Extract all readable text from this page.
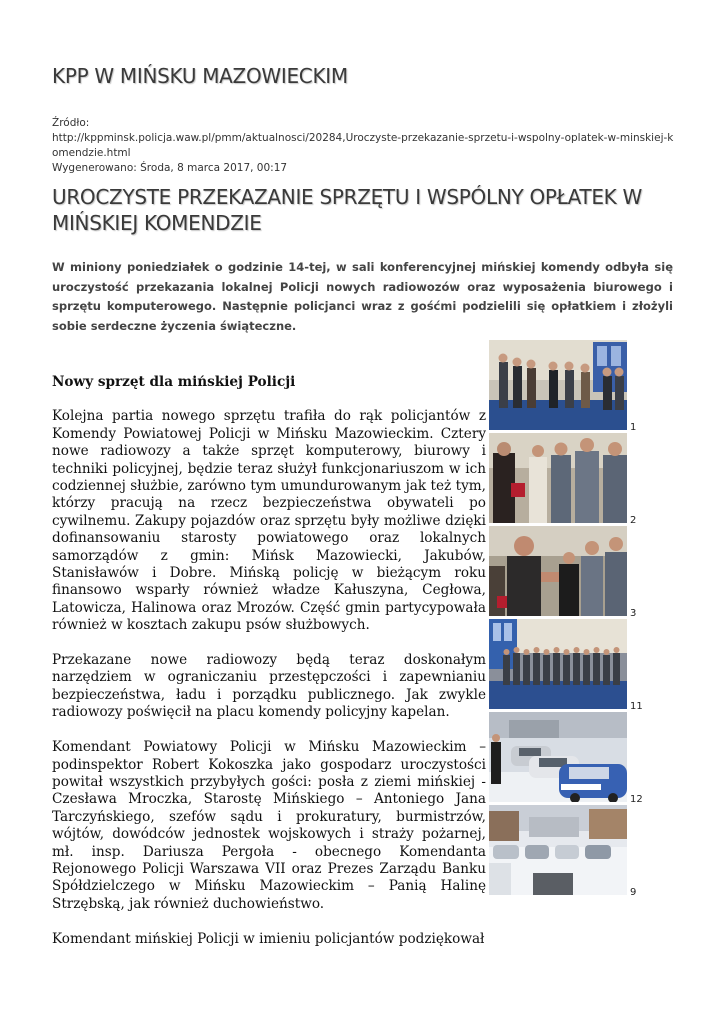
KPP W MIŃSKU MAZOWIECKIM
Źródło:
http://kppminsk.policja.waw.pl/pmm/aktualnosci/20284,Uroczyste-przekazanie-sprzetu-i-wspolny-oplatek-w-minskiej-komendzie.html
Wygenerowano: Środa, 8 marca 2017, 00:17
UROCZYSTE PRZEKAZANIE SPRZĘTU I WSPÓLNY OPŁATEK W MIŃSKIEJ KOMENDZIE

W miniony poniedziałek o godzinie 14-tej, w sali konferencyjnej mińskiej komendy odbyła się uroczystość przekazania lokalnej Policji nowych radiowozów oraz wyposażenia biurowego i sprzętu komputerowego. Następnie policjanci wraz z gośćmi podzielili się opłatkiem i złożyli sobie serdeczne życzenia świąteczne.

Nowy sprzęt dla mińskiej Policji

Kolejna partia nowego sprzętu trafiła do rąk policjantów z Komendy Powiatowej Policji w Mińsku Mazowieckim. Cztery nowe radiowozy a także sprzęt komputerowy, biurowy i techniki policyjnej, będzie teraz służył funkcjonariuszom w ich codziennej służbie, zarówno tym umundurowanym jak też tym, którzy pracują na rzecz bezpieczeństwa obywateli po cywilnemu. Zakupy pojazdów oraz sprzętu były możliwe dzięki dofinansowaniu starosty powiatowego oraz lokalnych samorządów z gmin: Mińsk Mazowiecki, Jakubów, Stanisławów i Dobre. Mińską policję w bieżącym roku finansowo wsparły również władze Kałuszyna, Cegłowa, Latowicza, Halinowa oraz Mrozów. Część gmin partycypowała również w kosztach zakupu psów służbowych.

Przekazane nowe radiowozy będą teraz doskonałym narzędziem w ograniczaniu przestępczości i zapewnianiu bezpieczeństwa, ładu i porządku publicznego. Jak zwykle radiowozy poświęcił na placu komendy policyjny kapelan.

Komendant Powiatowy Policji w Mińsku Mazowieckim – podinspektor Robert Kokoszka jako gospodarz uroczystości powitał wszystkich przybyłych gości: posła z ziemi mińskiej - Czesława Mroczka, Starostę Mińskiego – Antoniego Jana Tarczyńskiego, szefów sądu i prokuratury, burmistrzów, wójtów, dowódców jednostek wojskowych i straży pożarnej, mł. insp. Dariusza Pergoła - obecnego Komendanta Rejonowego Policji Warszawa VII oraz Prezes Zarządu Banku Spółdzielczego w Mińsku Mazowieckim – Panią Halinę Strzębską, jak również duchowieństwo.

Komendant mińskiej Policji w imieniu policjantów podziękował

1
2
3
11
12
9
